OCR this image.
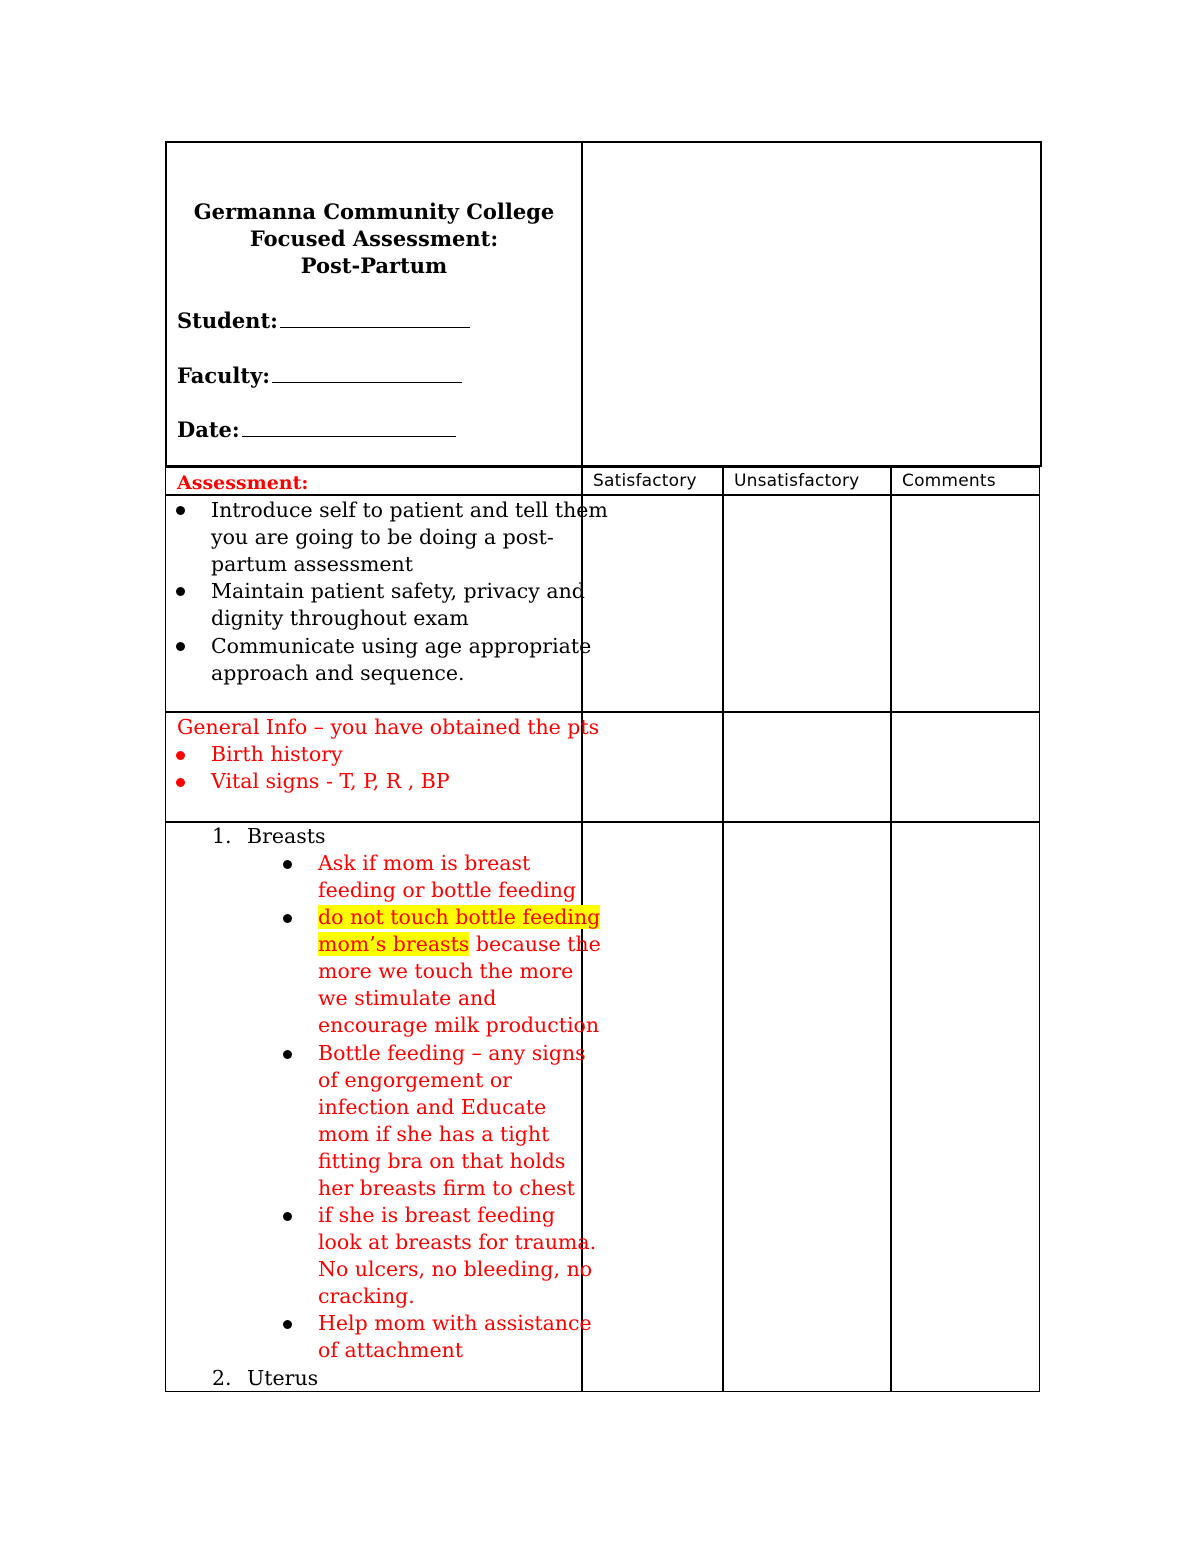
Germanna Community College
Focused Assessment:
Post-Partum
Student:
Faculty:
Date:
Assessment:	Satisfactory Unsatisfactory	Comments
Introduce self to patient and tell them
you are going to be doing a post-
partum assessment
Maintain patient safety, privacy and
dignity throughout exam
Communicate using age appropriate
approach and sequence.
General Info – you have obtained the pts
Birth history
Vital signs - T, P, R , BP
1. Breasts
Ask if mom is breast
feeding or bottle feeding
do not touch bottle feeding
mom’s breasts because the
more we touch the more
we stimulate and
encourage milk production
Bottle feeding – any signs
of engorgement or
infection and Educate
mom if she has a tight
fitting bra on that holds
her breasts firm to chest
if she is breast feeding
look at breasts for trauma.
No ulcers, no bleeding, no
cracking.
Help mom with assistance
of attachment
2. Uterus
